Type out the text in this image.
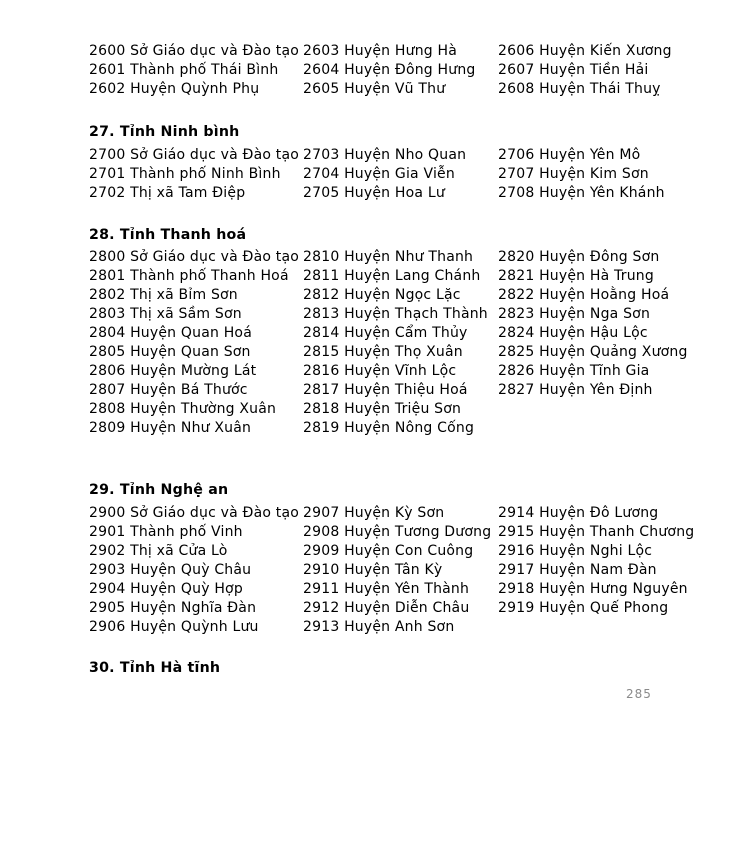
2600 Sở Giáo dục và Đào tạo
2601 Thành phố Thái Bình
2602 Huyện Quỳnh Phụ
2603 Huyện Hưng Hà
2604 Huyện Đông Hưng
2605 Huyện Vũ Thư
2606 Huyện Kiến Xương
2607 Huyện Tiền Hải
2608 Huyện Thái Thuỵ
27. Tỉnh Ninh bình
2700 Sở Giáo dục và Đào tạo
2701 Thành phố Ninh Bình
2702 Thị xã Tam Điệp
2703 Huyện Nho Quan
2704 Huyện Gia Viễn
2705 Huyện Hoa Lư
2706 Huyện Yên Mô
2707 Huyện Kim Sơn
2708 Huyện Yên Khánh
28. Tỉnh Thanh hoá
2800 Sở Giáo dục và Đào tạo
2801 Thành phố Thanh Hoá
2802 Thị xã Bỉm Sơn
2803 Thị xã Sầm Sơn
2804 Huyện Quan Hoá
2805 Huyện Quan Sơn
2806 Huyện Mường Lát
2807 Huyện Bá Thước
2808 Huyện Thường Xuân
2809 Huyện Như Xuân
2810 Huyện Như Thanh
2811 Huyện Lang Chánh
2812 Huyện Ngọc Lặc
2813 Huyện Thạch Thành
2814 Huyện Cẩm Thủy
2815 Huyện Thọ Xuân
2816 Huyện Vĩnh Lộc
2817 Huyện Thiệu Hoá
2818 Huyện Triệu Sơn
2819 Huyện Nông Cống
2820 Huyện Đông Sơn
2821 Huyện Hà Trung
2822 Huyện Hoằng Hoá
2823 Huyện Nga Sơn
2824 Huyện Hậu Lộc
2825 Huyện Quảng Xương
2826 Huyện Tĩnh Gia
2827 Huyện Yên Định
29. Tỉnh Nghệ an
2900 Sở Giáo dục và Đào tạo
2901 Thành phố Vinh
2902 Thị xã Cửa Lò
2903 Huyện Quỳ Châu
2904 Huyện Quỳ Hợp
2905 Huyện Nghĩa Đàn
2906 Huyện Quỳnh Lưu
2907 Huyện Kỳ Sơn
2908 Huyện Tương Dương
2909 Huyện Con Cuông
2910 Huyện Tân Kỳ
2911 Huyện Yên Thành
2912 Huyện Diễn Châu
2913 Huyện Anh Sơn
2914 Huyện Đô Lương
2915 Huyện Thanh Chương
2916 Huyện Nghi Lộc
2917 Huyện Nam Đàn
2918 Huyện Hưng Nguyên
2919 Huyện Quế Phong
30. Tỉnh Hà tĩnh
285
